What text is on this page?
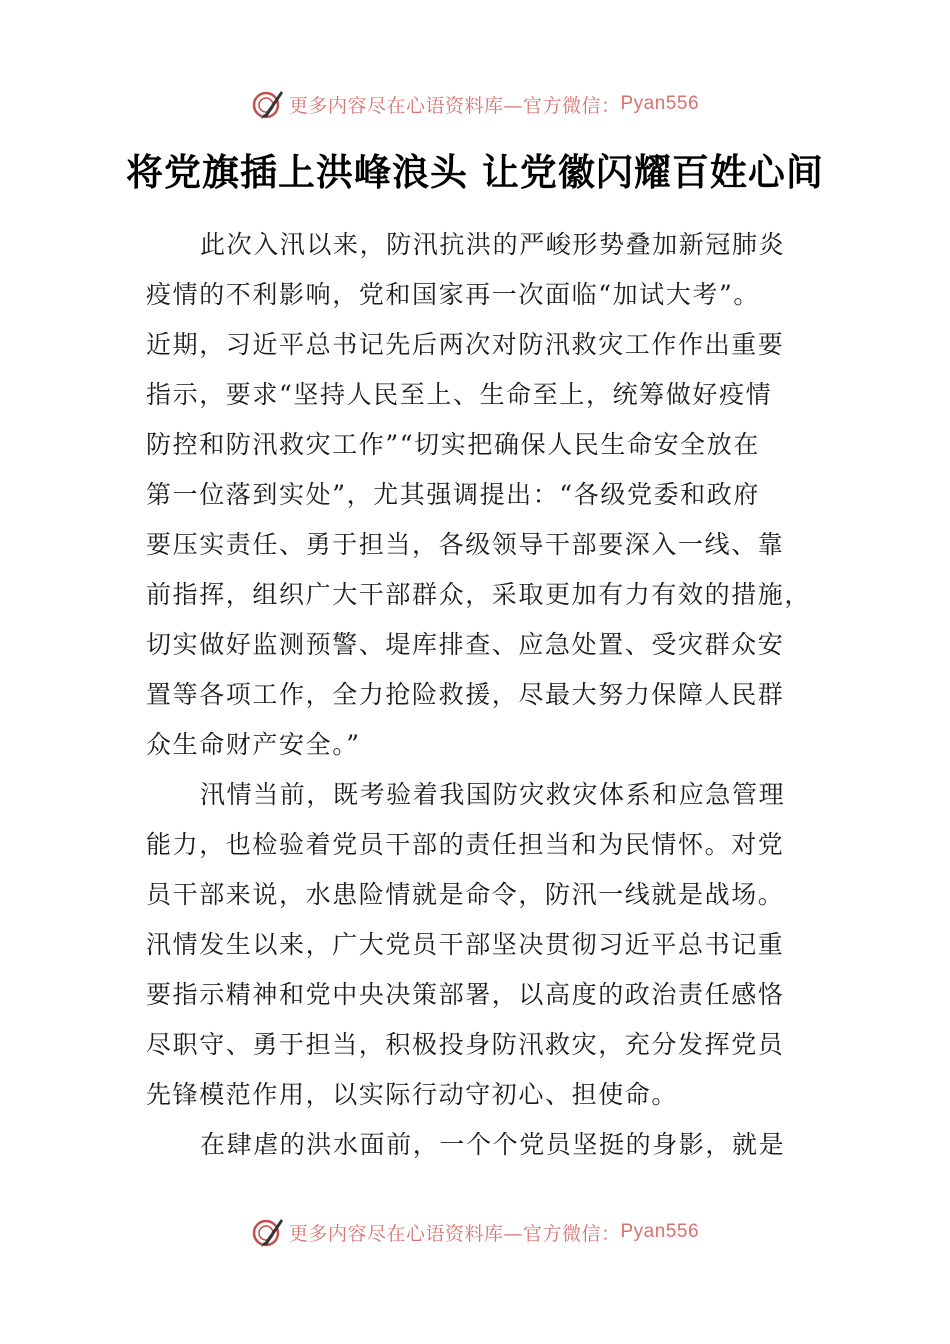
更多内容尽在心语资料库—官方微信： Pyan556
将党旗插上洪峰浪头 让党徽闪耀百姓心间
此次入汛以来，防汛抗洪的严峻形势叠加新冠肺炎
疫情的不利影响，党和国家再一次面临“加试大考”。
近期，习近平总书记先后两次对防汛救灾工作作出重要
指示，要求“坚持人民至上、生命至上，统筹做好疫情
防控和防汛救灾工作”“切实把确保人民生命安全放在
第一位落到实处”，尤其强调提出：“各级党委和政府
要压实责任、勇于担当，各级领导干部要深入一线、靠
前指挥，组织广大干部群众，采取更加有力有效的措施，
切实做好监测预警、堤库排查、应急处置、受灾群众安
置等各项工作，全力抢险救援，尽最大努力保障人民群
众生命财产安全。”
汛情当前，既考验着我国防灾救灾体系和应急管理
能力，也检验着党员干部的责任担当和为民情怀。对党
员干部来说，水患险情就是命令，防汛一线就是战场。
汛情发生以来，广大党员干部坚决贯彻习近平总书记重
要指示精神和党中央决策部署，以高度的政治责任感恪
尽职守、勇于担当，积极投身防汛救灾，充分发挥党员
先锋模范作用，以实际行动守初心、担使命。
在肆虐的洪水面前，一个个党员坚挺的身影，就是
更多内容尽在心语资料库—官方微信： Pyan556
